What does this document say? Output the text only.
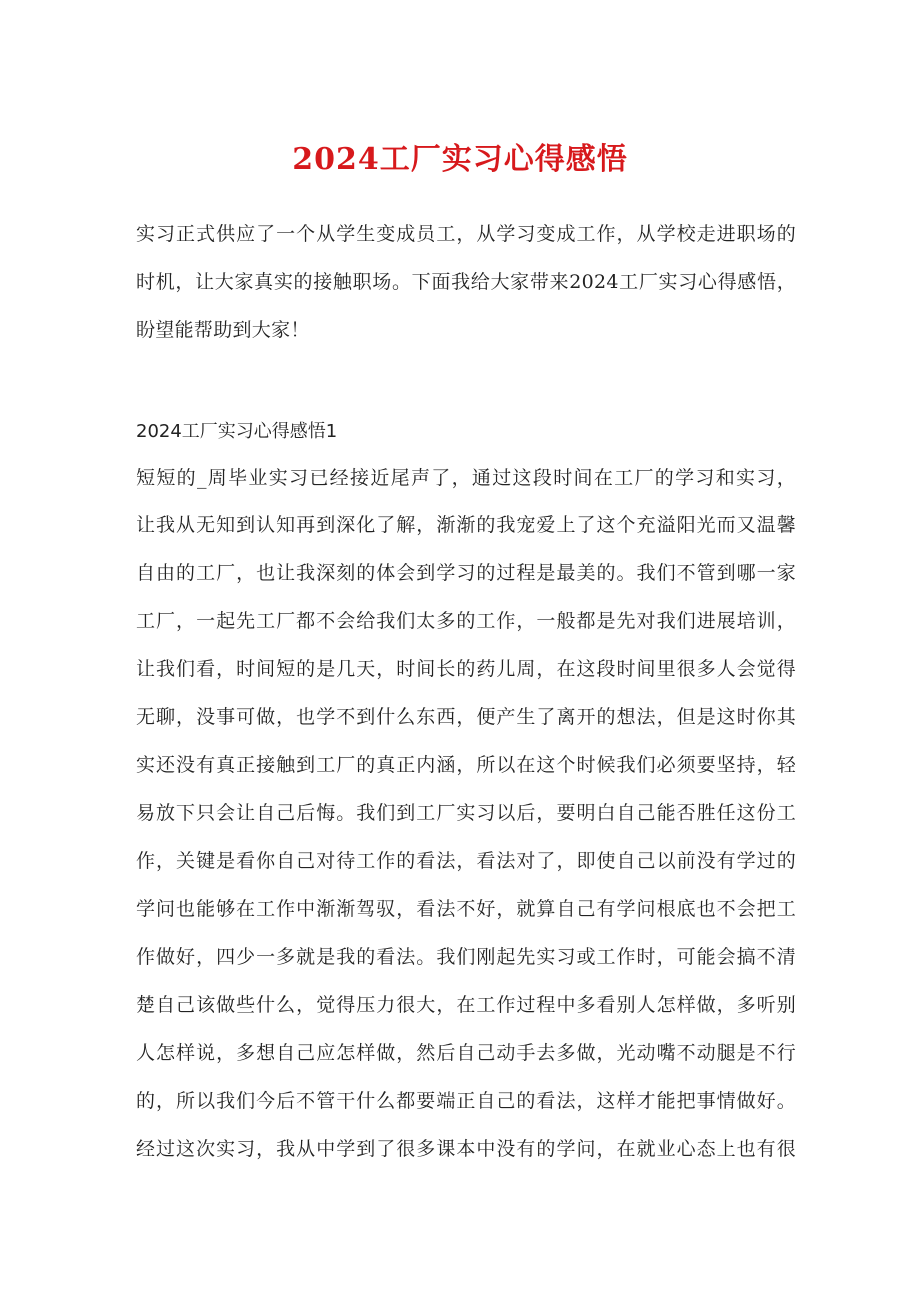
2024工厂实习心得感悟
实习正式供应了一个从学生变成员工，从学习变成工作，从学校走进职场的
时机，让大家真实的接触职场。下面我给大家带来2024工厂实习心得感悟，
盼望能帮助到大家！
2024工厂实习心得感悟1
短短的_周毕业实习已经接近尾声了，通过这段时间在工厂的学习和实习，
让我从无知到认知再到深化了解，渐渐的我宠爱上了这个充溢阳光而又温馨
自由的工厂，也让我深刻的体会到学习的过程是最美的。我们不管到哪一家
工厂，一起先工厂都不会给我们太多的工作，一般都是先对我们进展培训，
让我们看，时间短的是几天，时间长的药儿周，在这段时间里很多人会觉得
无聊，没事可做，也学不到什么东西，便产生了离开的想法，但是这时你其
实还没有真正接触到工厂的真正内涵，所以在这个时候我们必须要坚持，轻
易放下只会让自己后悔。我们到工厂实习以后，要明白自己能否胜任这份工
作，关键是看你自己对待工作的看法，看法对了，即使自己以前没有学过的
学问也能够在工作中渐渐驾驭，看法不好，就算自己有学问根底也不会把工
作做好，四少一多就是我的看法。我们刚起先实习或工作时，可能会搞不清
楚自己该做些什么，觉得压力很大，在工作过程中多看别人怎样做，多听别
人怎样说，多想自己应怎样做，然后自己动手去多做，光动嘴不动腿是不行
的，所以我们今后不管干什么都要端正自己的看法，这样才能把事情做好。
经过这次实习，我从中学到了很多课本中没有的学问，在就业心态上也有很
